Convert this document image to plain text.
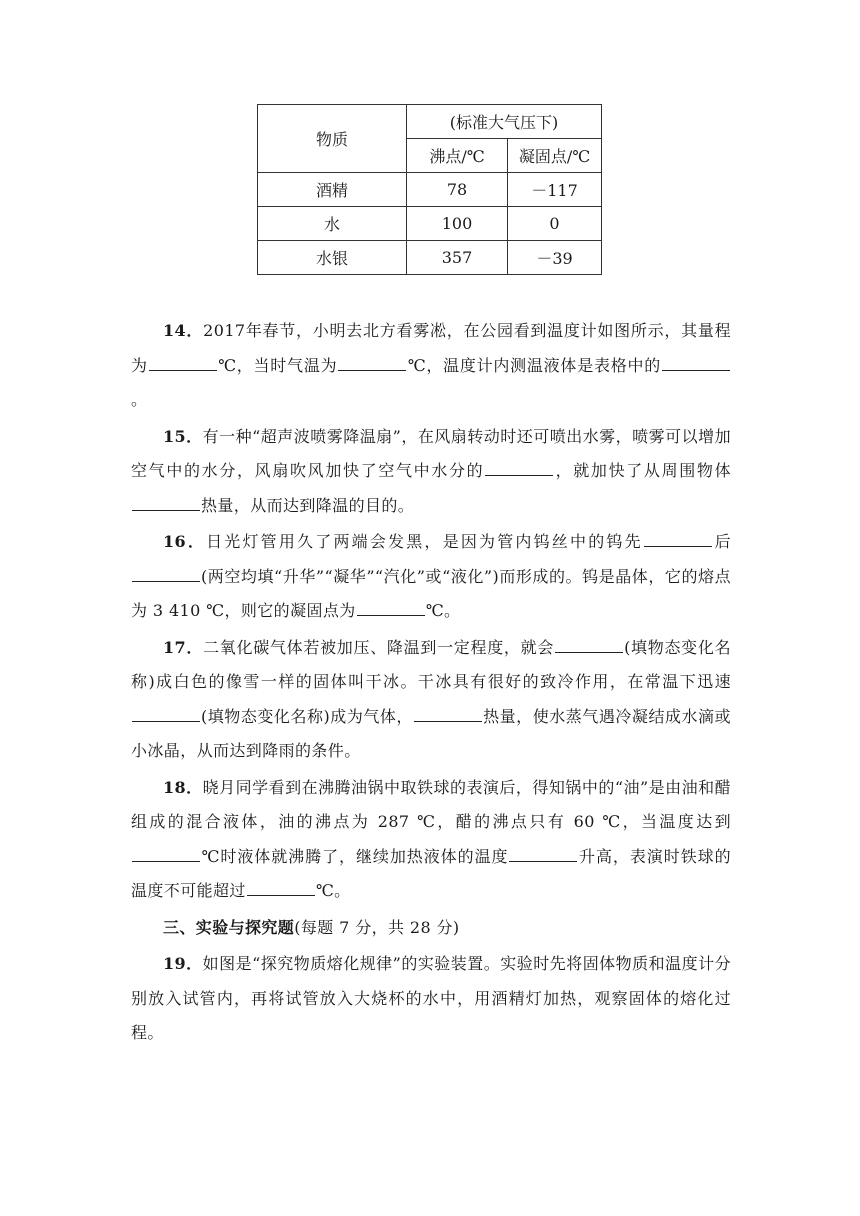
物质	(标准大气压下)	
	沸点/℃	凝固点/℃
酒精	78	－117
水	100	0
水银	357	－39

14．2017年春节，小明去北方看雾凇，在公园看到温度计如图所示，其量程为	℃，当时气温为	℃，温度计内测温液体是表格中的。

15．有一种“超声波喷雾降温扇”，在风扇转动时还可喷出水雾，喷雾可以增加空气中的水分，风扇吹风加快了空气中水分的	，就加快了从周围物体热量，从而达到降温的目的。

16．日光灯管用久了两端会发黑，是因为管内钨丝中的钨先	后(两空均填“升华”“凝华”“汽化”或“液化”)而形成的。钨是晶体，它的熔点为 3 410 ℃，则它的凝固点为	℃。

17．二氧化碳气体若被加压、降温到一定程度，就会	(填物态变化名称)成白色的像雪一样的固体叫干冰。干冰具有很好的致冷作用，在常温下迅速(填物态变化名称)成为气体，	热量，使水蒸气遇冷凝结成水滴或小冰晶，从而达到降雨的条件。

18．晓月同学看到在沸腾油锅中取铁球的表演后，得知锅中的“油”是由油和醋组成的混合液体，油的沸点为 287 ℃，醋的沸点只有 60 ℃，当温度达到℃时液体就沸腾了，继续加热液体的温度	升高，表演时铁球的温度不可能超过	℃。

三、实验与探究题(每题 7 分，共 28 分)

19．如图是“探究物质熔化规律”的实验装置。实验时先将固体物质和温度计分别放入试管内，再将试管放入大烧杯的水中，用酒精灯加热，观察固体的熔化过程。
